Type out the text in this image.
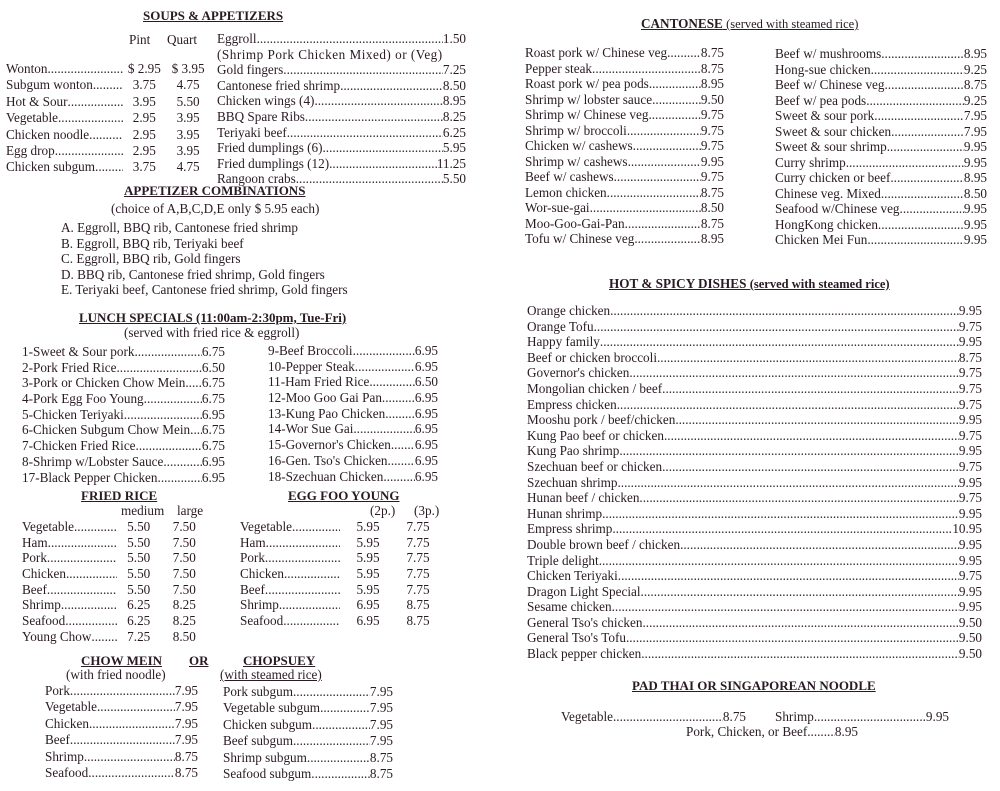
SOUPS & APPETIZERS
Pint Quart
Wonton .....	$ 2.95 $ 3.95
Subgum wonton .....	3.75	4.75
Hot & Sour .....	3.95	5.50
Vegetable .....	2.95	3.95
Chicken noodle .....	2.95	3.95
Egg drop .....	2.95	3.95
Chicken subgum .....	3.75	4.75
Eggroll .....	1.50
(Shrimp Pork Chicken Mixed) or (Veg)
Gold fingers .....	7.25
Cantonese fried shrimp .....	8.50
Chicken wings (4) .....	8.95
BBQ Spare Ribs .....	8.25
Teriyaki beef .....	6.25
Fried dumplings (6) .....	5.95
Fried dumplings (12) .....	11.25
Rangoon crabs .....	5.50
APPETIZER COMBINATIONS
(choice of A,B,C,D,E only $ 5.95 each)
A. Eggroll, BBQ rib, Cantonese fried shrimp
B. Eggroll, BBQ rib, Teriyaki beef
C. Eggroll, BBQ rib, Gold fingers
D. BBQ rib, Cantonese fried shrimp, Gold fingers
E. Teriyaki beef, Cantonese fried shrimp, Gold fingers
LUNCH SPECIALS (11:00am-2:30pm, Tue-Fri)
(served with fried rice & eggroll)
1-Sweet & Sour pork .....	6.75
2-Pork Fried Rice .....	6.50
3-Pork or Chicken Chow Mein ..... 6.75
4-Pork Egg Foo Young .....	6.75
5-Chicken Teriyaki .....	6.95
6-Chicken Subgum Chow Mein ..... 6.75
7-Chicken Fried Rice .....	6.75
8-Shrimp w/Lobster Sauce .....	6.95
17-Black Pepper Chicken .....	6.95
9-Beef Broccoli .....	6.95
10-Pepper Steak .....	6.95
11-Ham Fried Rice .....	6.50
12-Moo Goo Gai Pan .....	6.95
13-Kung Pao Chicken ..... 6.95
14-Wor Sue Gai .....	6.95
15-Governor's Chicken ..... 6.95
16-Gen. Tso's Chicken ..... 6.95
18-Szechuan Chicken ..... 6.95
FRIED RICE
medium large
Vegetable .....	5.50	7.50
Ham .....	5.50	7.50
Pork .....	5.50	7.50
Chicken .....	5.50	7.50
Beef .....	5.50	7.50
Shrimp .....	6.25	8.25
Seafood .....	6.25	8.25
Young Chow .....	7.25	8.50
EGG FOO YOUNG
(2p.) (3p.)
Vegetable .....	5.95	7.75
Ham .....	5.95	7.75
Pork .....	5.95	7.75
Chicken .....	5.95	7.75
Beef .....	5.95	7.75
Shrimp .....	6.95	8.75
Seafood .....	6.95	8.75
CHOW MEIN OR	CHOPSUEY
(with fried noodle)	(with steamed rice)
Pork .....	7.95
Vegetable .....	7.95
Chicken .....	7.95
Beef .....	7.95
Shrimp .....	8.75
Seafood .....	8.75
Pork subgum .....	7.95
Vegetable subgum .....	7.95
Chicken subgum .....	7.95
Beef subgum .....	7.95
Shrimp subgum .....	8.75
Seafood subgum .....	8.75
CANTONESE (served with steamed rice)
Roast pork w/ Chinese veg .....	8.75
Pepper steak .....	8.75
Roast pork w/ pea pods .....	8.95
Shrimp w/ lobster sauce .....	9.50
Shrimp w/ Chinese veg .....	9.75
Shrimp w/ broccoli .....	9.75
Chicken w/ cashews .....	9.75
Shrimp w/ cashews .....	9.95
Beef w/ cashews .....	9.75
Lemon chicken .....	8.75
Wor-sue-gai .....	8.50
Moo-Goo-Gai-Pan .....	8.75
Tofu w/ Chinese veg .....	8.95
Beef w/ mushrooms .....	8.95
Hong-sue chicken .....	9.25
Beef w/ Chinese veg .....	8.75
Beef w/ pea pods .....	9.25
Sweet & sour pork .....	7.95
Sweet & sour chicken .....	7.95
Sweet & sour shrimp .....	9.95
Curry shrimp .....	9.95
Curry chicken or beef .....	8.95
Chinese veg. Mixed .....	8.50
Seafood w/Chinese veg .....	9.95
HongKong chicken .....	9.95
Chicken Mei Fun .....	9.95
HOT & SPICY DISHES (served with steamed rice)
Orange chicken .....	9.95
Orange Tofu .....	9.75
Happy family .....	9.95
Beef or chicken broccoli .....	8.75
Governor's chicken .....	9.75
Mongolian chicken / beef .....	9.75
Empress chicken .....	9.75
Mooshu pork / beef/chicken .....	9.95
Kung Pao beef or chicken .....	9.75
Kung Pao shrimp .....	9.95
Szechuan beef or chicken .....	9.75
Szechuan shrimp .....	9.95
Hunan beef / chicken .....	9.75
Hunan shrimp .....	9.95
Empress shrimp .....	10.95
Double brown beef / chicken .....	9.95
Triple delight .....	9.95
Chicken Teriyaki .....	9.75
Dragon Light Special .....	9.95
Sesame chicken .....	9.95
General Tso's chicken .....	9.50
General Tso's Tofu .....	9.50
Black pepper chicken .....	9.50
PAD THAI OR SINGAPOREAN NOODLE
Vegetable .....	8.75 Shrimp .....	9.95
Pork, Chicken, or Beef ..... 8.95
